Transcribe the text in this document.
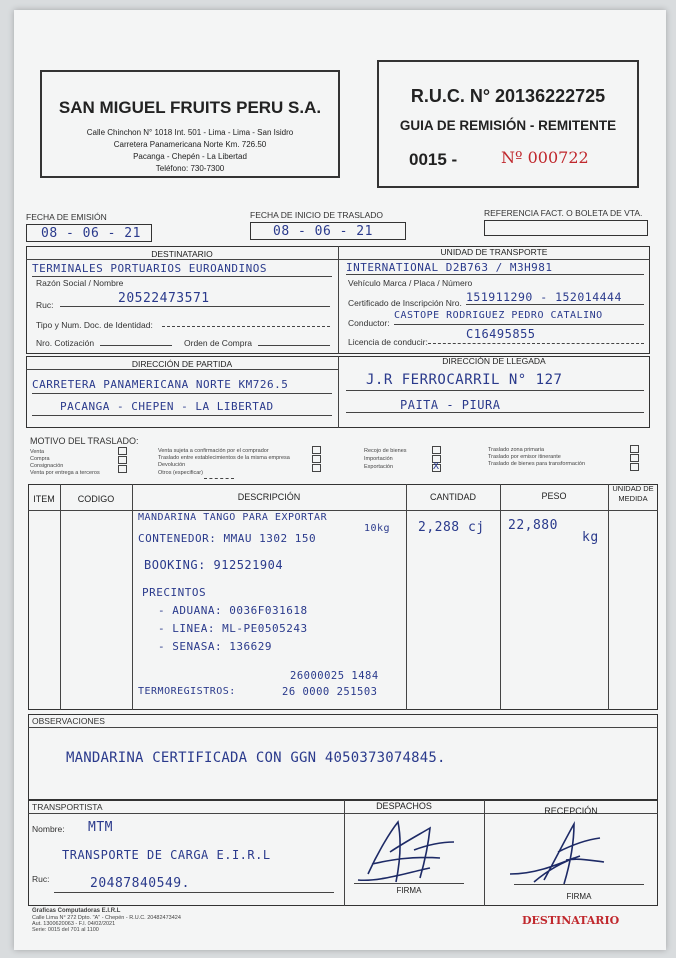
SAN MIGUEL FRUITS PERU S.A.
Calle Chinchon N° 1018 Int. 501 - Lima - Lima - San Isidro
Carretera Panamericana Norte Km. 726.50
Pacanga - Chepén - La Libertad
Teléfono: 730-7300
R.U.C. N° 20136222725
GUIA DE REMISIÓN - REMITENTE
0015 -	Nº 000722
FECHA DE EMISIÓN
08 - 06 - 21
FECHA DE INICIO DE TRASLADO
08 - 06 - 21
REFERENCIA FACT. O BOLETA DE VTA.
DESTINATARIO	UNIDAD DE TRANSPORTE
TERMINALES PORTUARIOS EUROANDINOS
Razón Social / Nombre
Ruc:	20522473571
Tipo y Num. Doc. de Identidad:
Nro. Cotización	Orden de Compra
INTERNATIONAL D2B763 / M3H981
Vehículo Marca / Placa / Número
Certificado de Inscripción Nro. 151911290 - 152014444
Conductor:
CASTOPE RODRIGUEZ PEDRO CATALINO
Licencia de conducir:
C16495855
DIRECCIÓN DE PARTIDA	DIRECCIÓN DE LLEGADA
CARRETERA PANAMERICANA NORTE KM726.5
PACANGA - CHEPEN - LA LIBERTAD
J.R FERROCARRIL N° 127
PAITA - PIURA
MOTIVO DEL TRASLADO:
Venta
Compra
Consignación
Venta por entrega a terceros
Venta sujeta a confirmación por el comprador
Traslado entre establecimientos de la misma empresa
Devolución
Otros (especificar)
Recojo de bienes
Importación
Exportación	X
Traslado zona primaria
Traslado por emisor itinerante
Traslado de bienes para transformación
ITEM	CODIGO	DESCRIPCIÓN	CANTIDAD	PESO
UNIDAD DE MEDIDA
MANDARINA TANGO PARA EXPORTAR
10kg
CONTENEDOR: MMAU 1302 150
BOOKING: 912521904
PRECINTOS
- ADUANA: 0036F031618
- LINEA: ML-PE0505243
- SENASA: 136629
TERMOREGISTROS:
26000025 1484
26 0000 251503
2,288 cj 22,880
kg
OBSERVACIONES
MANDARINA CERTIFICADA CON GGN 4050373074845.
TRANSPORTISTA	DESPACHOS	RECEPCIÓN
Nombre: MTM
TRANSPORTE DE CARGA E.I.R.L
Ruc:	20487840549.	FIRMA
FIRMA
Graficas Computadoras E.I.R.L
Calle Lima N° 272 Dpto. "A" - Chepén - R.U.C. 20482473424
Aut. 1300620063 - F.I. 04/02/2021
Serie: 0015 del 701 al 1100
DESTINATARIO
